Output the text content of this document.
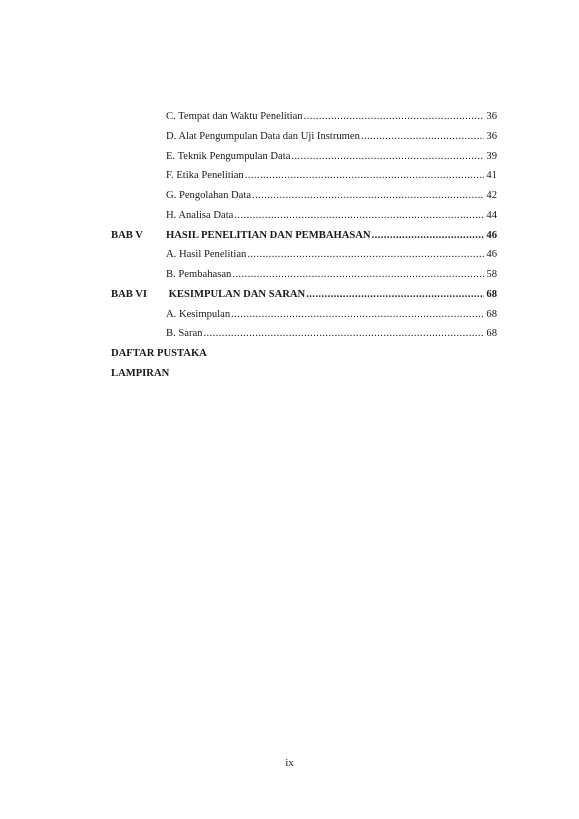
C. Tempat dan Waktu Penelitian .....	36
D. Alat Pengumpulan Data dan Uji Instrumen .....	36
E. Teknik Pengumpulan Data .....	39
F. Etika Penelitian .....	41
G. Pengolahan Data .....	42
H. Analisa Data .....	44
BAB V	HASIL PENELITIAN DAN PEMBAHASAN .....	46
A. Hasil Penelitian .....	46
B. Pembahasan .....	58
BAB VI	KESIMPULAN DAN SARAN .....	68
A. Kesimpulan .....	68
B. Saran .....	68
DAFTAR PUSTAKA
LAMPIRAN
ix
